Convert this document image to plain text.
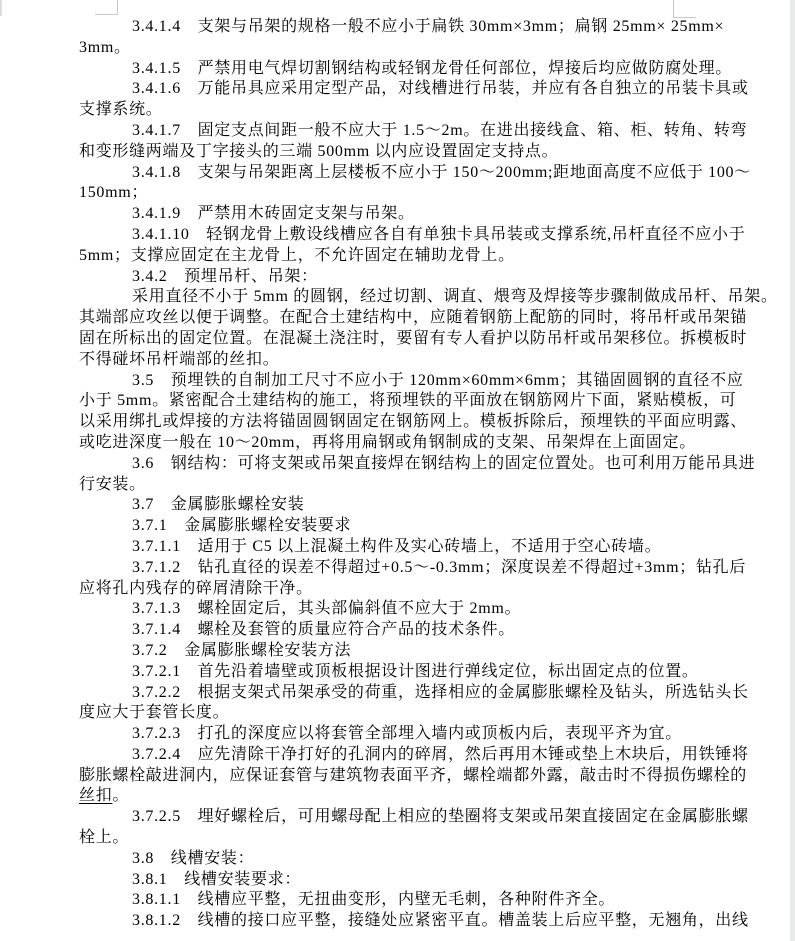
3.4.1.4　支架与吊架的规格一般不应小于扁铁 30mm×3mm；扁钢 25mm× 25mm×
3mm。
3.4.1.5　严禁用电气焊切割钢结构或轻钢龙骨任何部位，焊接后均应做防腐处理。
3.4.1.6　万能吊具应采用定型产品，对线槽进行吊装，并应有各自独立的吊装卡具或
支撑系统。
3.4.1.7　固定支点间距一般不应大于 1.5～2m。在进出接线盒、箱、柜、转角、转弯
和变形缝两端及丁字接头的三端 500mm 以内应设置固定支持点。
3.4.1.8　支架与吊架距离上层楼板不应小于 150～200mm;距地面高度不应低于 100～
150mm；
3.4.1.9　严禁用木砖固定支架与吊架。
3.4.1.10　轻钢龙骨上敷设线槽应各自有单独卡具吊装或支撑系统,吊杆直径不应小于
5mm；支撑应固定在主龙骨上，不允许固定在辅助龙骨上。
3.4.2　预埋吊杆、吊架：
采用直径不小于 5mm 的圆钢，经过切割、调直、煨弯及焊接等步骤制做成吊杆、吊架。
其端部应攻丝以便于调整。在配合土建结构中，应随着钢筋上配筋的同时，将吊杆或吊架锚
固在所标出的固定位置。在混凝土浇注时，要留有专人看护以防吊杆或吊架移位。拆模板时
不得碰坏吊杆端部的丝扣。
3.5　预埋铁的自制加工尺寸不应小于 120mm×60mm×6mm；其锚固圆钢的直径不应
小于 5mm。紧密配合土建结构的施工，将预埋铁的平面放在钢筋网片下面，紧贴模板，可
以采用绑扎或焊接的方法将锚固圆钢固定在钢筋网上。模板拆除后，预埋铁的平面应明露、
或吃进深度一般在 10～20mm，再将用扁钢或角钢制成的支架、吊架焊在上面固定。
3.6　钢结构：可将支架或吊架直接焊在钢结构上的固定位置处。也可利用万能吊具进
行安装。
3.7　金属膨胀螺栓安装
3.7.1　金属膨胀螺栓安装要求
3.7.1.1　适用于 C5 以上混凝土构件及实心砖墙上，不适用于空心砖墙。
3.7.1.2　钻孔直径的误差不得超过+0.5～-0.3mm；深度误差不得超过+3mm；钻孔后
应将孔内残存的碎屑清除干净。
3.7.1.3　螺栓固定后，其头部偏斜值不应大于 2mm。
3.7.1.4　螺栓及套管的质量应符合产品的技术条件。
3.7.2　金属膨胀螺栓安装方法
3.7.2.1　首先沿着墙壁或顶板根据设计图进行弹线定位，标出固定点的位置。
3.7.2.2　根据支架式吊架承受的荷重，选择相应的金属膨胀螺栓及钻头，所选钻头长
度应大于套管长度。
3.7.2.3　打孔的深度应以将套管全部埋入墙内或顶板内后，表现平齐为宜。
3.7.2.4　应先清除干净打好的孔洞内的碎屑，然后再用木锤或垫上木块后，用铁锤将
膨胀螺栓敲进洞内，应保证套管与建筑物表面平齐，螺栓端都外露，敲击时不得损伤螺栓的
丝扣。
3.7.2.5　埋好螺栓后，可用螺母配上相应的垫圈将支架或吊架直接固定在金属膨胀螺
栓上。
3.8　线槽安装：
3.8.1　线槽安装要求：
3.8.1.1　线槽应平整，无扭曲变形，内壁无毛刺，各种附件齐全。
3.8.1.2　线槽的接口应平整，接缝处应紧密平直。槽盖装上后应平整，无翘角，出线
